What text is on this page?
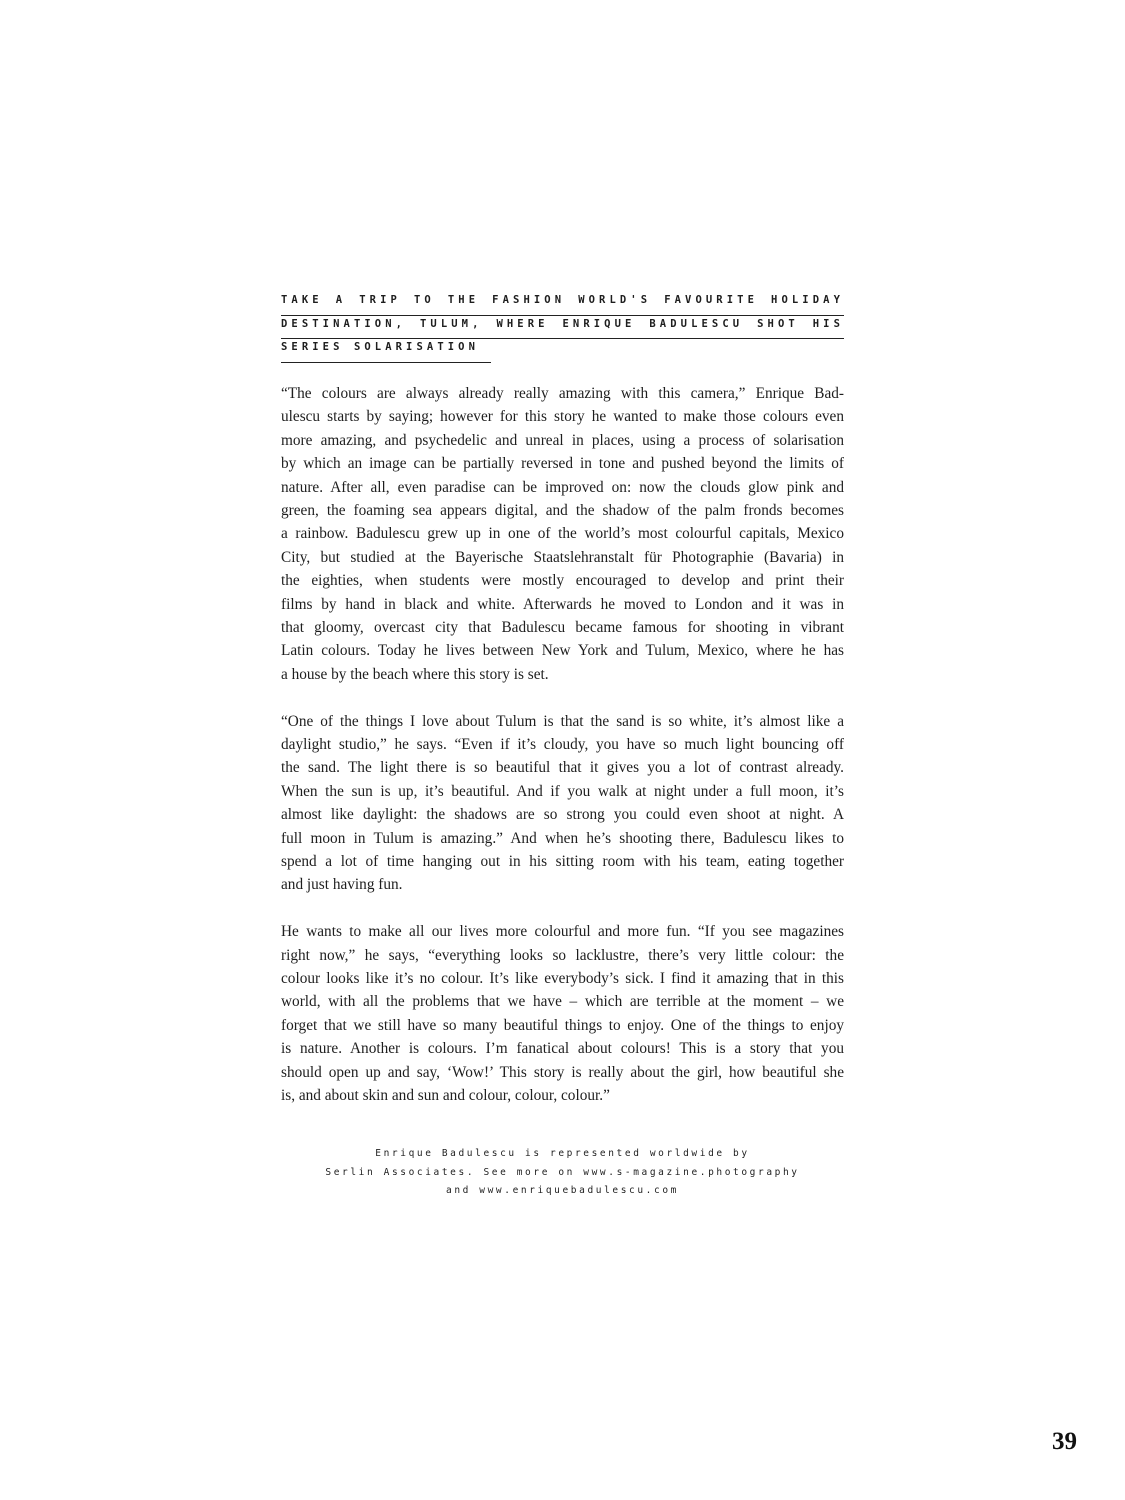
TAKE A TRIP TO THE FASHION WORLD'S FAVOURITE HOLIDAY
DESTINATION, TULUM, WHERE ENRIQUE BADULESCU SHOT HIS
SERIES SOLARISATION
“The colours are always already really amazing with this camera,” Enrique Bad-
ulescu starts by saying; however for this story he wanted to make those colours even
more amazing, and psychedelic and unreal in places, using a process of solarisation
by which an image can be partially reversed in tone and pushed beyond the limits of
nature. After all, even paradise can be improved on: now the clouds glow pink and
green, the foaming sea appears digital, and the shadow of the palm fronds becomes
a rainbow. Badulescu grew up in one of the world’s most colourful capitals, Mexico
City, but studied at the Bayerische Staatslehranstalt für Photographie (Bavaria) in
the eighties, when students were mostly encouraged to develop and print their
films by hand in black and white. Afterwards he moved to London and it was in
that gloomy, overcast city that Badulescu became famous for shooting in vibrant
Latin colours. Today he lives between New York and Tulum, Mexico, where he has
a house by the beach where this story is set.
“One of the things I love about Tulum is that the sand is so white, it’s almost like a
daylight studio,” he says. “Even if it’s cloudy, you have so much light bouncing off
the sand. The light there is so beautiful that it gives you a lot of contrast already.
When the sun is up, it’s beautiful. And if you walk at night under a full moon, it’s
almost like daylight: the shadows are so strong you could even shoot at night. A
full moon in Tulum is amazing.” And when he’s shooting there, Badulescu likes to
spend a lot of time hanging out in his sitting room with his team, eating together
and just having fun.
He wants to make all our lives more colourful and more fun. “If you see magazines
right now,” he says, “everything looks so lacklustre, there’s very little colour: the
colour looks like it’s no colour. It’s like everybody’s sick. I find it amazing that in this
world, with all the problems that we have – which are terrible at the moment – we
forget that we still have so many beautiful things to enjoy. One of the things to enjoy
is nature. Another is colours. I’m fanatical about colours! This is a story that you
should open up and say, ‘Wow!’ This story is really about the girl, how beautiful she
is, and about skin and sun and colour, colour, colour.”
Enrique Badulescu is represented worldwide by
Serlin Associates. See more on www.s-magazine.photography
and www.enriquebadulescu.com
39
